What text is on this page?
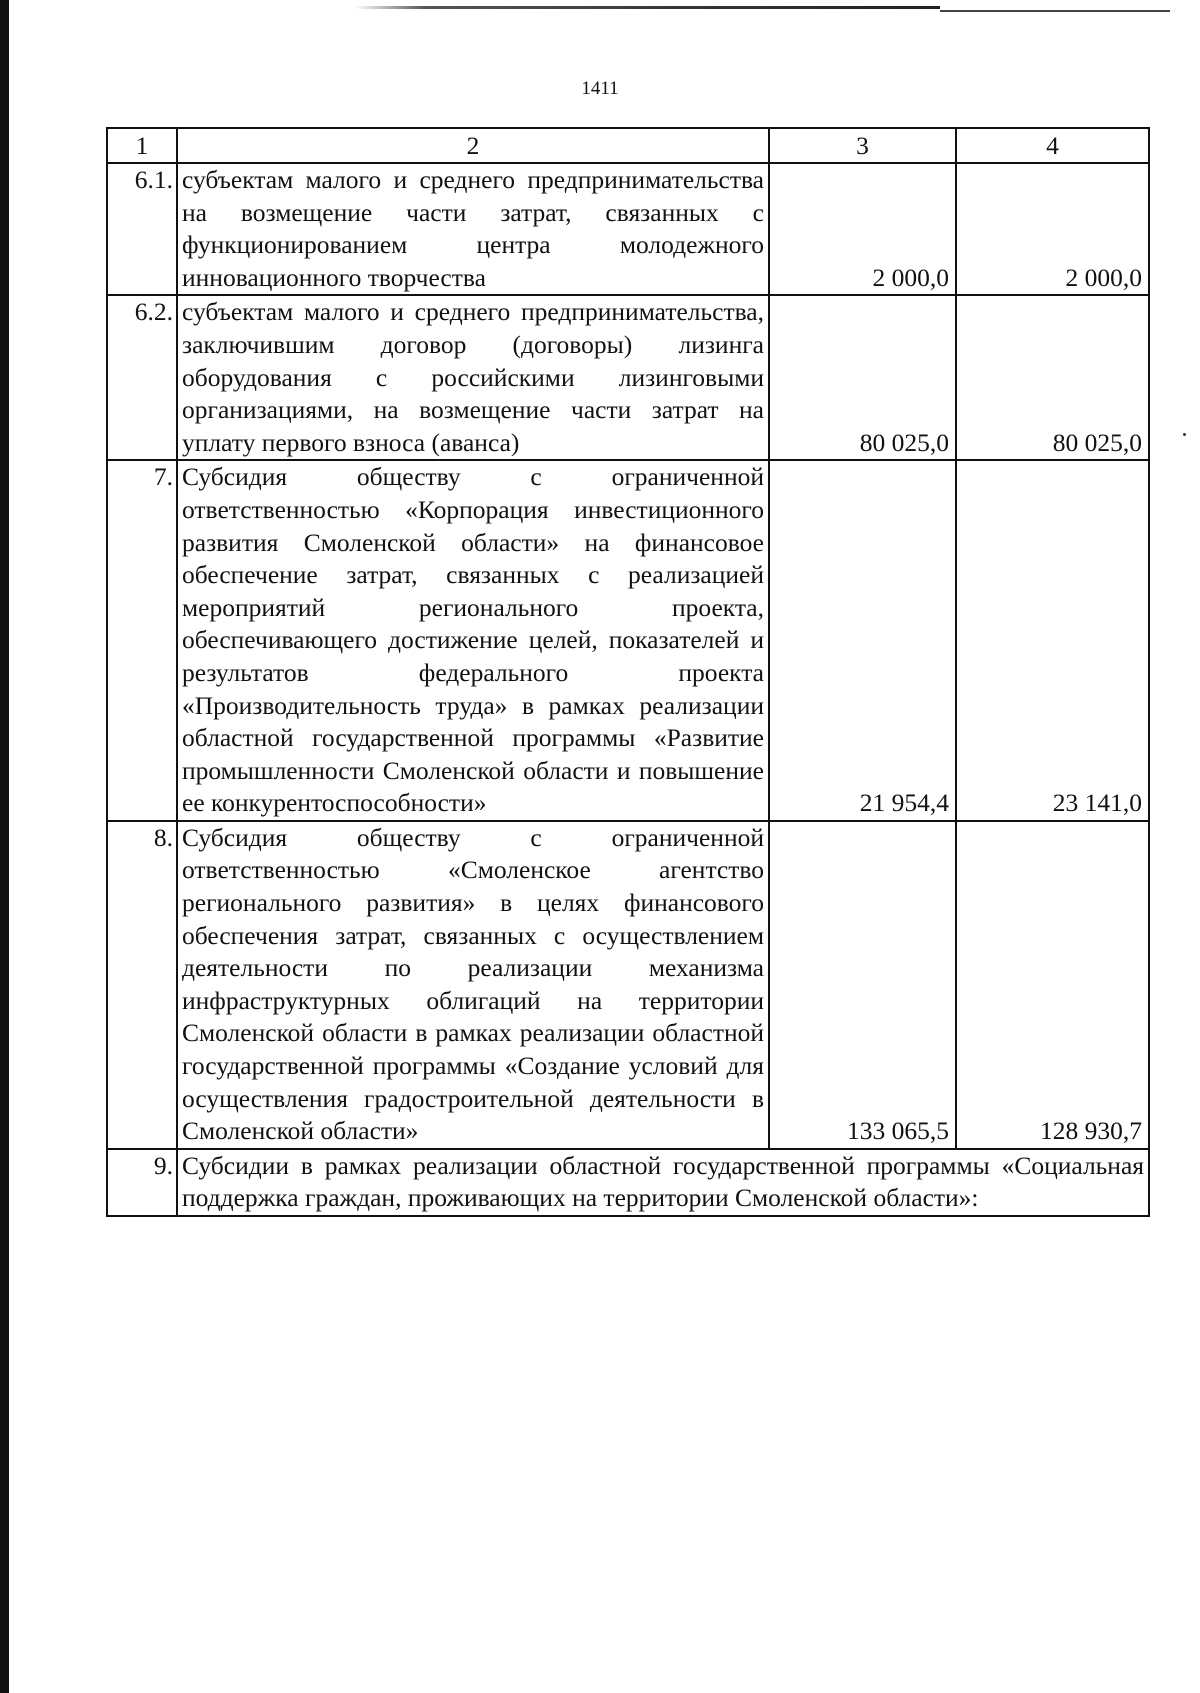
1411
1	2	3	4
6.1.	субъектам малого и среднего предпринимательства на возмещение части затрат, связанных с функционированием центра молодежного инновационного творчества	2 000,0	2 000,0
6.2.	субъектам малого и среднего предпринимательства, заключившим договор (договоры) лизинга оборудования с российскими лизинговыми организациями, на возмещение части затрат на уплату первого взноса (аванса)	80 025,0	80 025,0
7.	Субсидия обществу с ограниченной ответственностью «Корпорация инвестиционного развития Смоленской области» на финансовое обеспечение затрат, связанных с реализацией мероприятий регионального проекта, обеспечивающего достижение целей, показателей и результатов федерального проекта «Производительность труда» в рамках реализации областной государственной программы «Развитие промышленности Смоленской области и повышение ее конкурентоспособности»	21 954,4	23 141,0
8.	Субсидия обществу с ограниченной ответственностью «Смоленское агентство регионального развития» в целях финансового обеспечения затрат, связанных с осуществлением деятельности по реализации механизма инфраструктурных облигаций на территории Смоленской области в рамках реализации областной государственной программы «Создание условий для осуществления градостроительной деятельности в Смоленской области»	133 065,5	128 930,7
9.	Субсидии в рамках реализации областной государственной программы «Социальная поддержка граждан, проживающих на территории Смоленской области»:		
